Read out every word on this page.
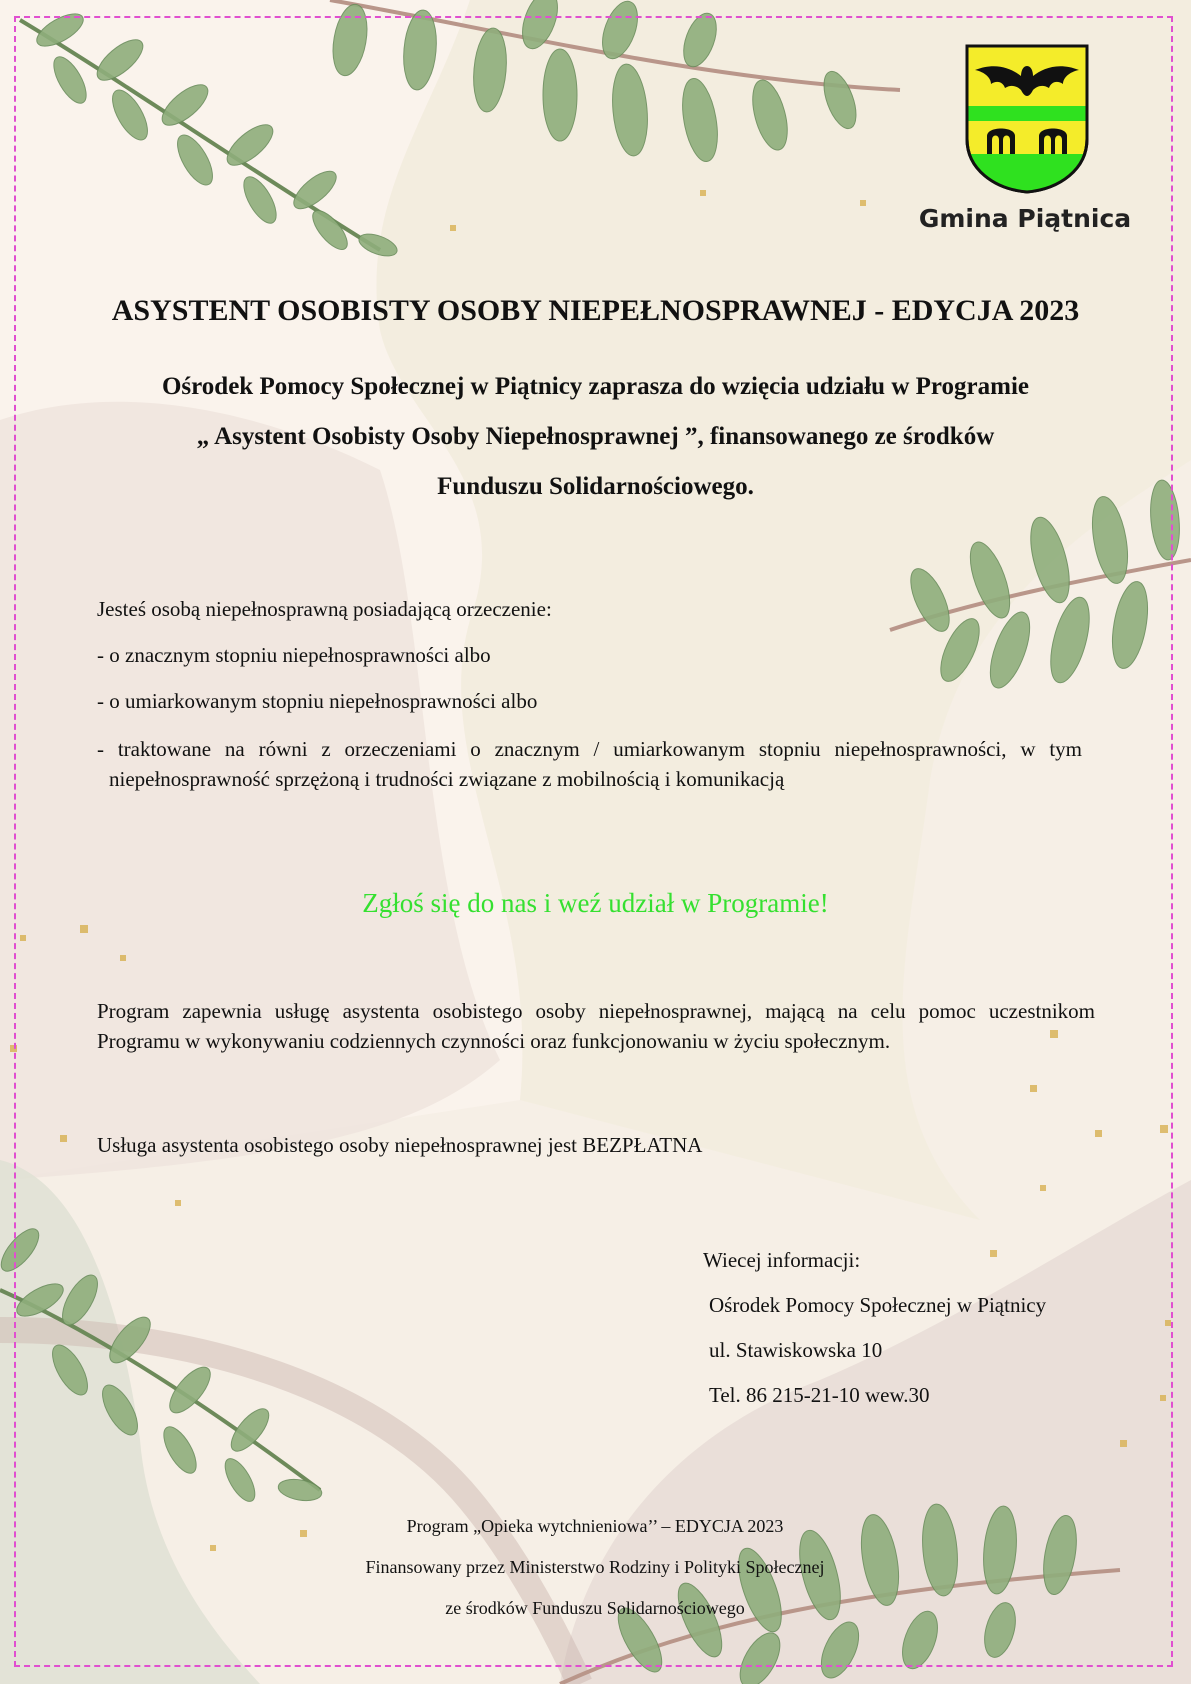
Gmina Piątnica
ASYSTENT OSOBISTY OSOBY NIEPEŁNOSPRAWNEJ - EDYCJA 2023
Ośrodek Pomocy Społecznej w Piątnicy zaprasza do wzięcia udziału w Programie
„ Asystent Osobisty Osoby Niepełnosprawnej ”, finansowanego ze środków
Funduszu Solidarnościowego.
Jesteś osobą niepełnosprawną posiadającą orzeczenie:
- o znacznym stopniu niepełnosprawności albo
- o umiarkowanym stopniu niepełnosprawności albo
- traktowane na równi z orzeczeniami o znacznym / umiarkowanym stopniu niepełnosprawności, w tym niepełnosprawność sprzężoną i trudności związane z mobilnością i komunikacją
Zgłoś się do nas i weź udział w Programie!
Program zapewnia usługę asystenta osobistego osoby niepełnosprawnej, mającą na celu pomoc uczestnikom Programu w wykonywaniu codziennych czynności oraz funkcjonowaniu w życiu społecznym.
Usługa asystenta osobistego osoby niepełnosprawnej jest BEZPŁATNA
Wiecej informacji:
Ośrodek Pomocy Społecznej w Piątnicy
ul. Stawiskowska 10
Tel. 86 215-21-10 wew.30
Program „Opieka wytchnieniowa’’ – EDYCJA 2023
Finansowany przez Ministerstwo Rodziny i Polityki Społecznej
ze środków Funduszu Solidarnościowego
